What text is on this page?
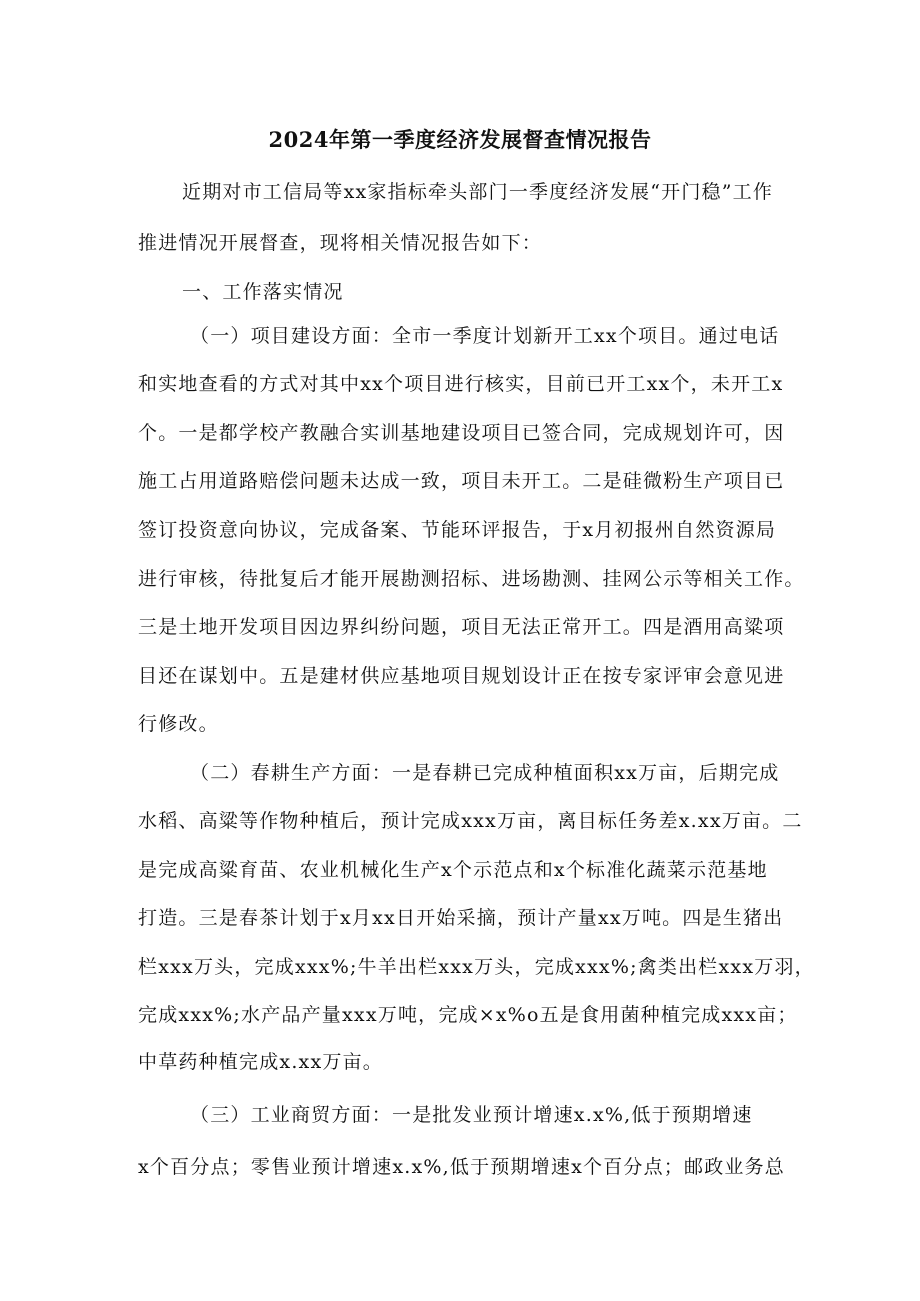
2024年第一季度经济发展督查情况报告
近期对市工信局等xx家指标牵头部门一季度经济发展“开门稳”工作
推进情况开展督查，现将相关情况报告如下：
一、工作落实情况
（一）项目建设方面：全市一季度计划新开工xx个项目。通过电话
和实地查看的方式对其中xx个项目进行核实，目前已开工xx个，未开工x
个。一是都学校产教融合实训基地建设项目已签合同，完成规划许可，因
施工占用道路赔偿问题未达成一致，项目未开工。二是硅微粉生产项目已
签订投资意向协议，完成备案、节能环评报告，于x月初报州自然资源局
进行审核，待批复后才能开展勘测招标、进场勘测、挂网公示等相关工作。
三是土地开发项目因边界纠纷问题，项目无法正常开工。四是酒用高粱项
目还在谋划中。五是建材供应基地项目规划设计正在按专家评审会意见进
行修改。
（二）春耕生产方面：一是春耕已完成种植面积xx万亩，后期完成
水稻、高粱等作物种植后，预计完成xxx万亩，离目标任务差x.xx万亩。二
是完成高粱育苗、农业机械化生产x个示范点和x个标准化蔬菜示范基地
打造。三是春茶计划于x月xx日开始采摘，预计产量xx万吨。四是生猪出
栏xxx万头，完成xxx%;牛羊出栏xxx万头，完成xxx%;禽类出栏xxx万羽，
完成xxx%;水产品产量xxx万吨，完成×x%o五是食用菌种植完成xxx亩；
中草药种植完成x.xx万亩。
（三）工业商贸方面：一是批发业预计增速x.x%,低于预期增速
x个百分点；零售业预计增速x.x%,低于预期增速x个百分点；邮政业务总
